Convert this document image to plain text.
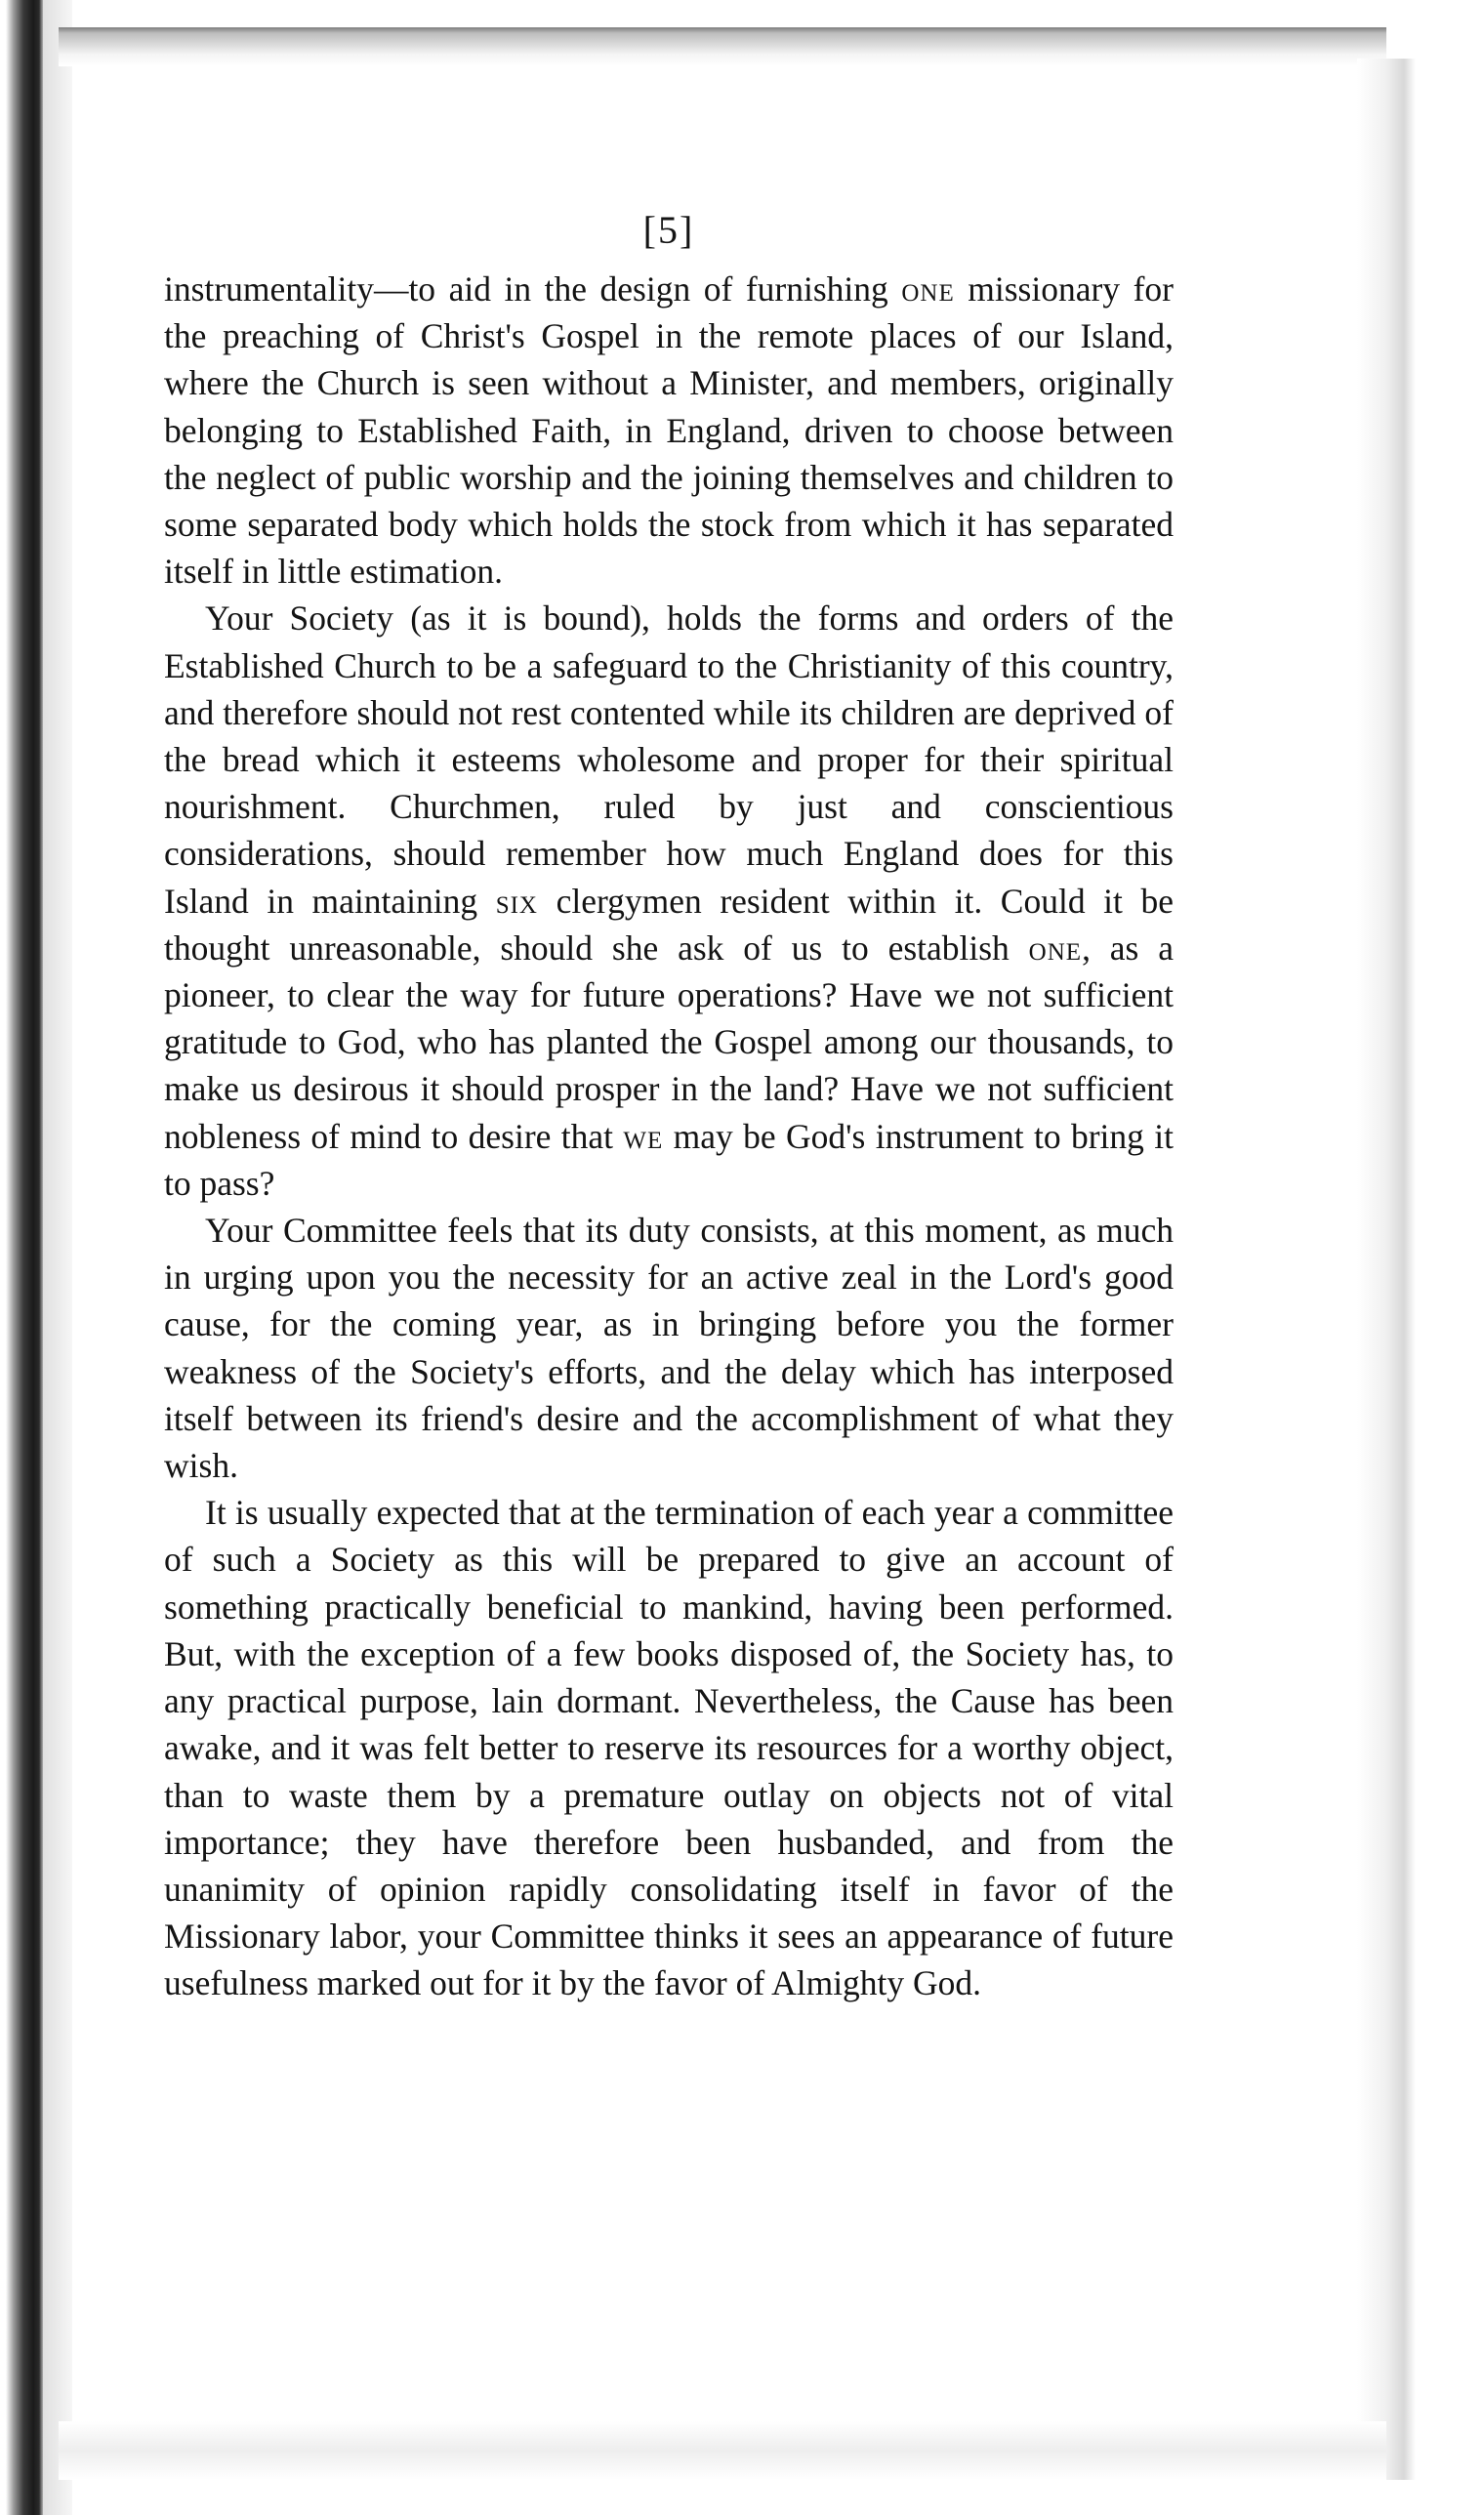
[5]

instrumentality—to aid in the design of furnishing one missionary for the preaching of Christ's Gospel in the remote places of our Island, where the Church is seen without a Minister, and members, originally belonging to Established Faith, in England, driven to choose between the neglect of public worship and the joining themselves and children to some separated body which holds the stock from which it has separated itself in little estimation.

Your Society (as it is bound), holds the forms and orders of the Established Church to be a safeguard to the Christianity of this country, and therefore should not rest contented while its children are deprived of the bread which it esteems wholesome and proper for their spiritual nourishment. Churchmen, ruled by just and conscientious considerations, should remember how much England does for this Island in maintaining six clergymen resident within it. Could it be thought unreasonable, should she ask of us to establish one, as a pioneer, to clear the way for future operations? Have we not sufficient gratitude to God, who has planted the Gospel among our thousands, to make us desirous it should prosper in the land? Have we not sufficient nobleness of mind to desire that we may be God's instrument to bring it to pass?

Your Committee feels that its duty consists, at this moment, as much in urging upon you the necessity for an active zeal in the Lord's good cause, for the coming year, as in bringing before you the former weakness of the Society's efforts, and the delay which has interposed itself between its friend's desire and the accomplishment of what they wish.

It is usually expected that at the termination of each year a committee of such a Society as this will be prepared to give an account of something practically beneficial to mankind, having been performed. But, with the exception of a few books disposed of, the Society has, to any practical purpose, lain dormant. Nevertheless, the Cause has been awake, and it was felt better to reserve its resources for a worthy object, than to waste them by a premature outlay on objects not of vital importance; they have therefore been husbanded, and from the unanimity of opinion rapidly consolidating itself in favor of the Missionary labor, your Committee thinks it sees an appearance of future usefulness marked out for it by the favor of Almighty God.
